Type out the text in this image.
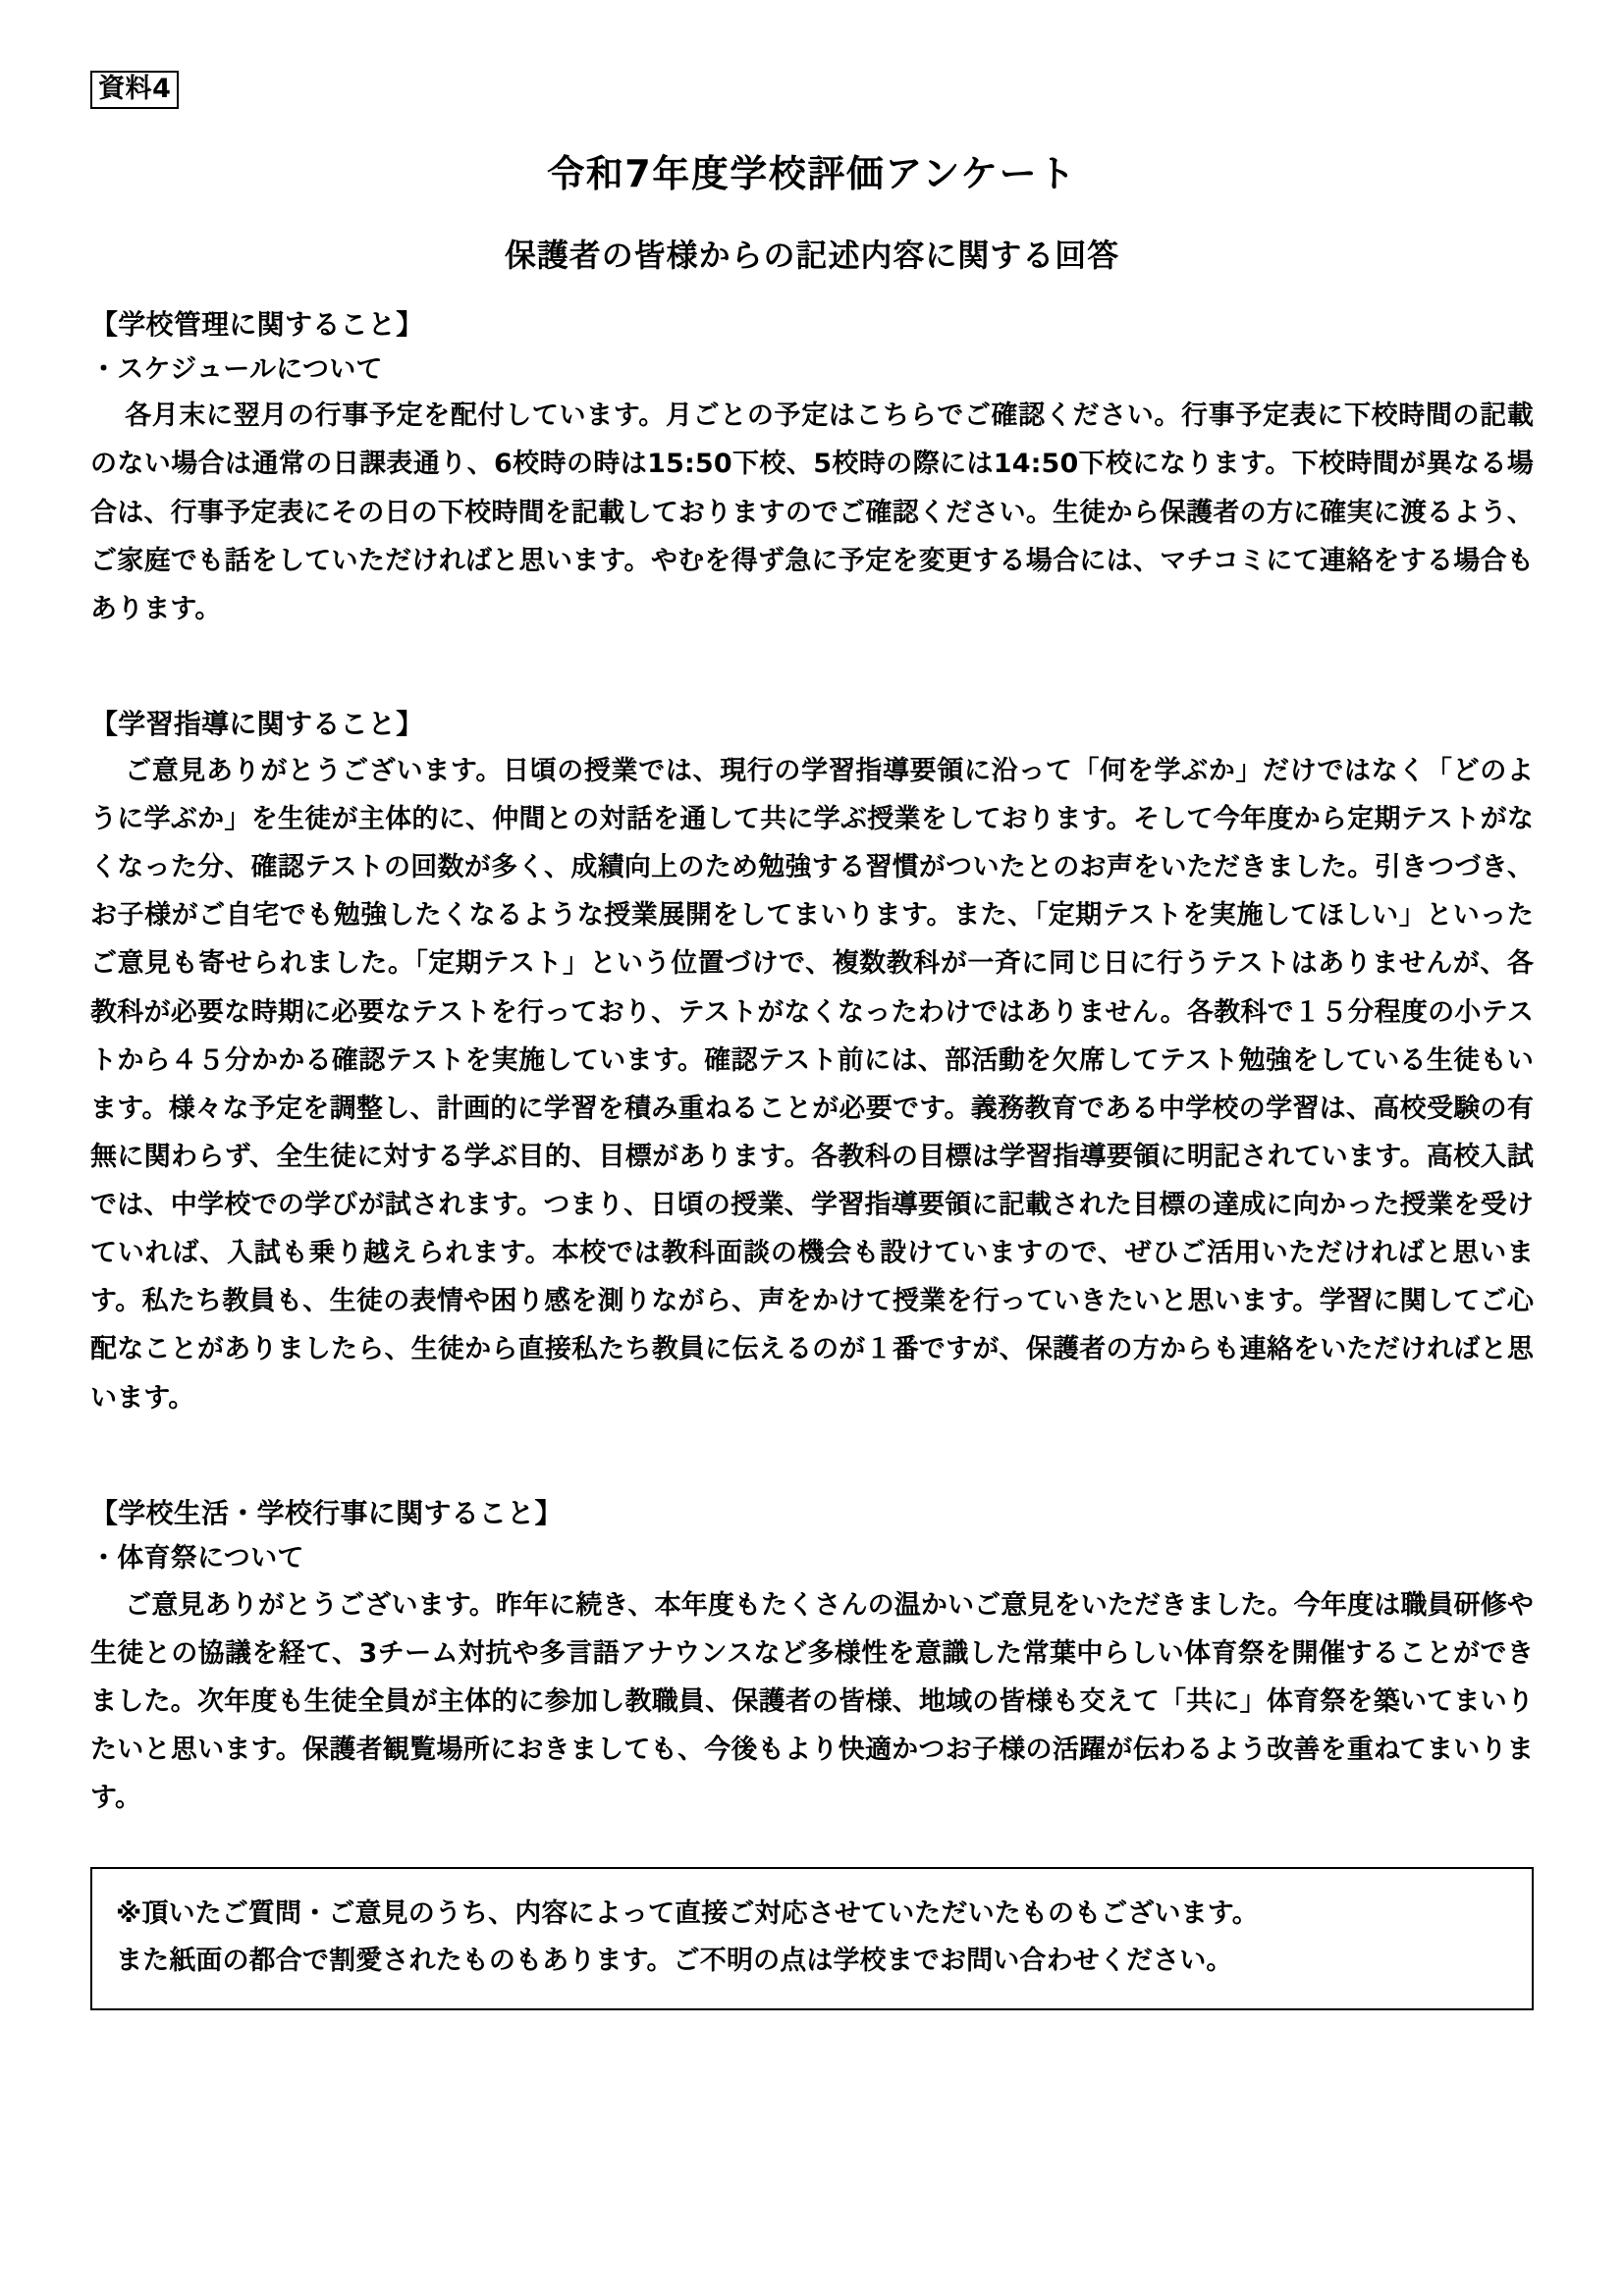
資料4
令和7年度学校評価アンケート
保護者の皆様からの記述内容に関する回答
【学校管理に関すること】
・スケジュールについて

各月末に翌月の行事予定を配付しています。月ごとの予定はこちらでご確認ください。行事予定表に下校時間の記載のない場合は通常の日課表通り、6校時の時は15:50下校、5校時の際には14:50下校になります。下校時間が異なる場合は、行事予定表にその日の下校時間を記載しておりますのでご確認ください。生徒から保護者の方に確実に渡るよう、ご家庭でも話をしていただければと思います。やむを得ず急に予定を変更する場合には、マチコミにて連絡をする場合もあります。

【学習指導に関すること】

ご意見ありがとうございます。日頃の授業では、現行の学習指導要領に沿って「何を学ぶか」だけではなく「どのように学ぶか」を生徒が主体的に、仲間との対話を通して共に学ぶ授業をしております。そして今年度から定期テストがなくなった分、確認テストの回数が多く、成績向上のため勉強する習慣がついたとのお声をいただきました。引きつづき、お子様がご自宅でも勉強したくなるような授業展開をしてまいります。また、「定期テストを実施してほしい」といったご意見も寄せられました。「定期テスト」という位置づけで、複数教科が一斉に同じ日に行うテストはありませんが、各教科が必要な時期に必要なテストを行っており、テストがなくなったわけではありません。各教科で１５分程度の小テストから４５分かかる確認テストを実施しています。確認テスト前には、部活動を欠席してテスト勉強をしている生徒もいます。様々な予定を調整し、計画的に学習を積み重ねることが必要です。義務教育である中学校の学習は、高校受験の有無に関わらず、全生徒に対する学ぶ目的、目標があります。各教科の目標は学習指導要領に明記されています。高校入試では、中学校での学びが試されます。つまり、日頃の授業、学習指導要領に記載された目標の達成に向かった授業を受けていれば、入試も乗り越えられます。本校では教科面談の機会も設けていますので、ぜひご活用いただければと思います。私たち教員も、生徒の表情や困り感を測りながら、声をかけて授業を行っていきたいと思います。学習に関してご心配なことがありましたら、生徒から直接私たち教員に伝えるのが１番ですが、保護者の方からも連絡をいただければと思います。

【学校生活・学校行事に関すること】
・体育祭について

ご意見ありがとうございます。昨年に続き、本年度もたくさんの温かいご意見をいただきました。今年度は職員研修や生徒との協議を経て、3チーム対抗や多言語アナウンスなど多様性を意識した常葉中らしい体育祭を開催することができました。次年度も生徒全員が主体的に参加し教職員、保護者の皆様、地域の皆様も交えて「共に」体育祭を築いてまいりたいと思います。保護者観覧場所におきましても、今後もより快適かつお子様の活躍が伝わるよう改善を重ねてまいります。

※頂いたご質問・ご意見のうち、内容によって直接ご対応させていただいたものもございます。

また紙面の都合で割愛されたものもあります。ご不明の点は学校までお問い合わせください。
